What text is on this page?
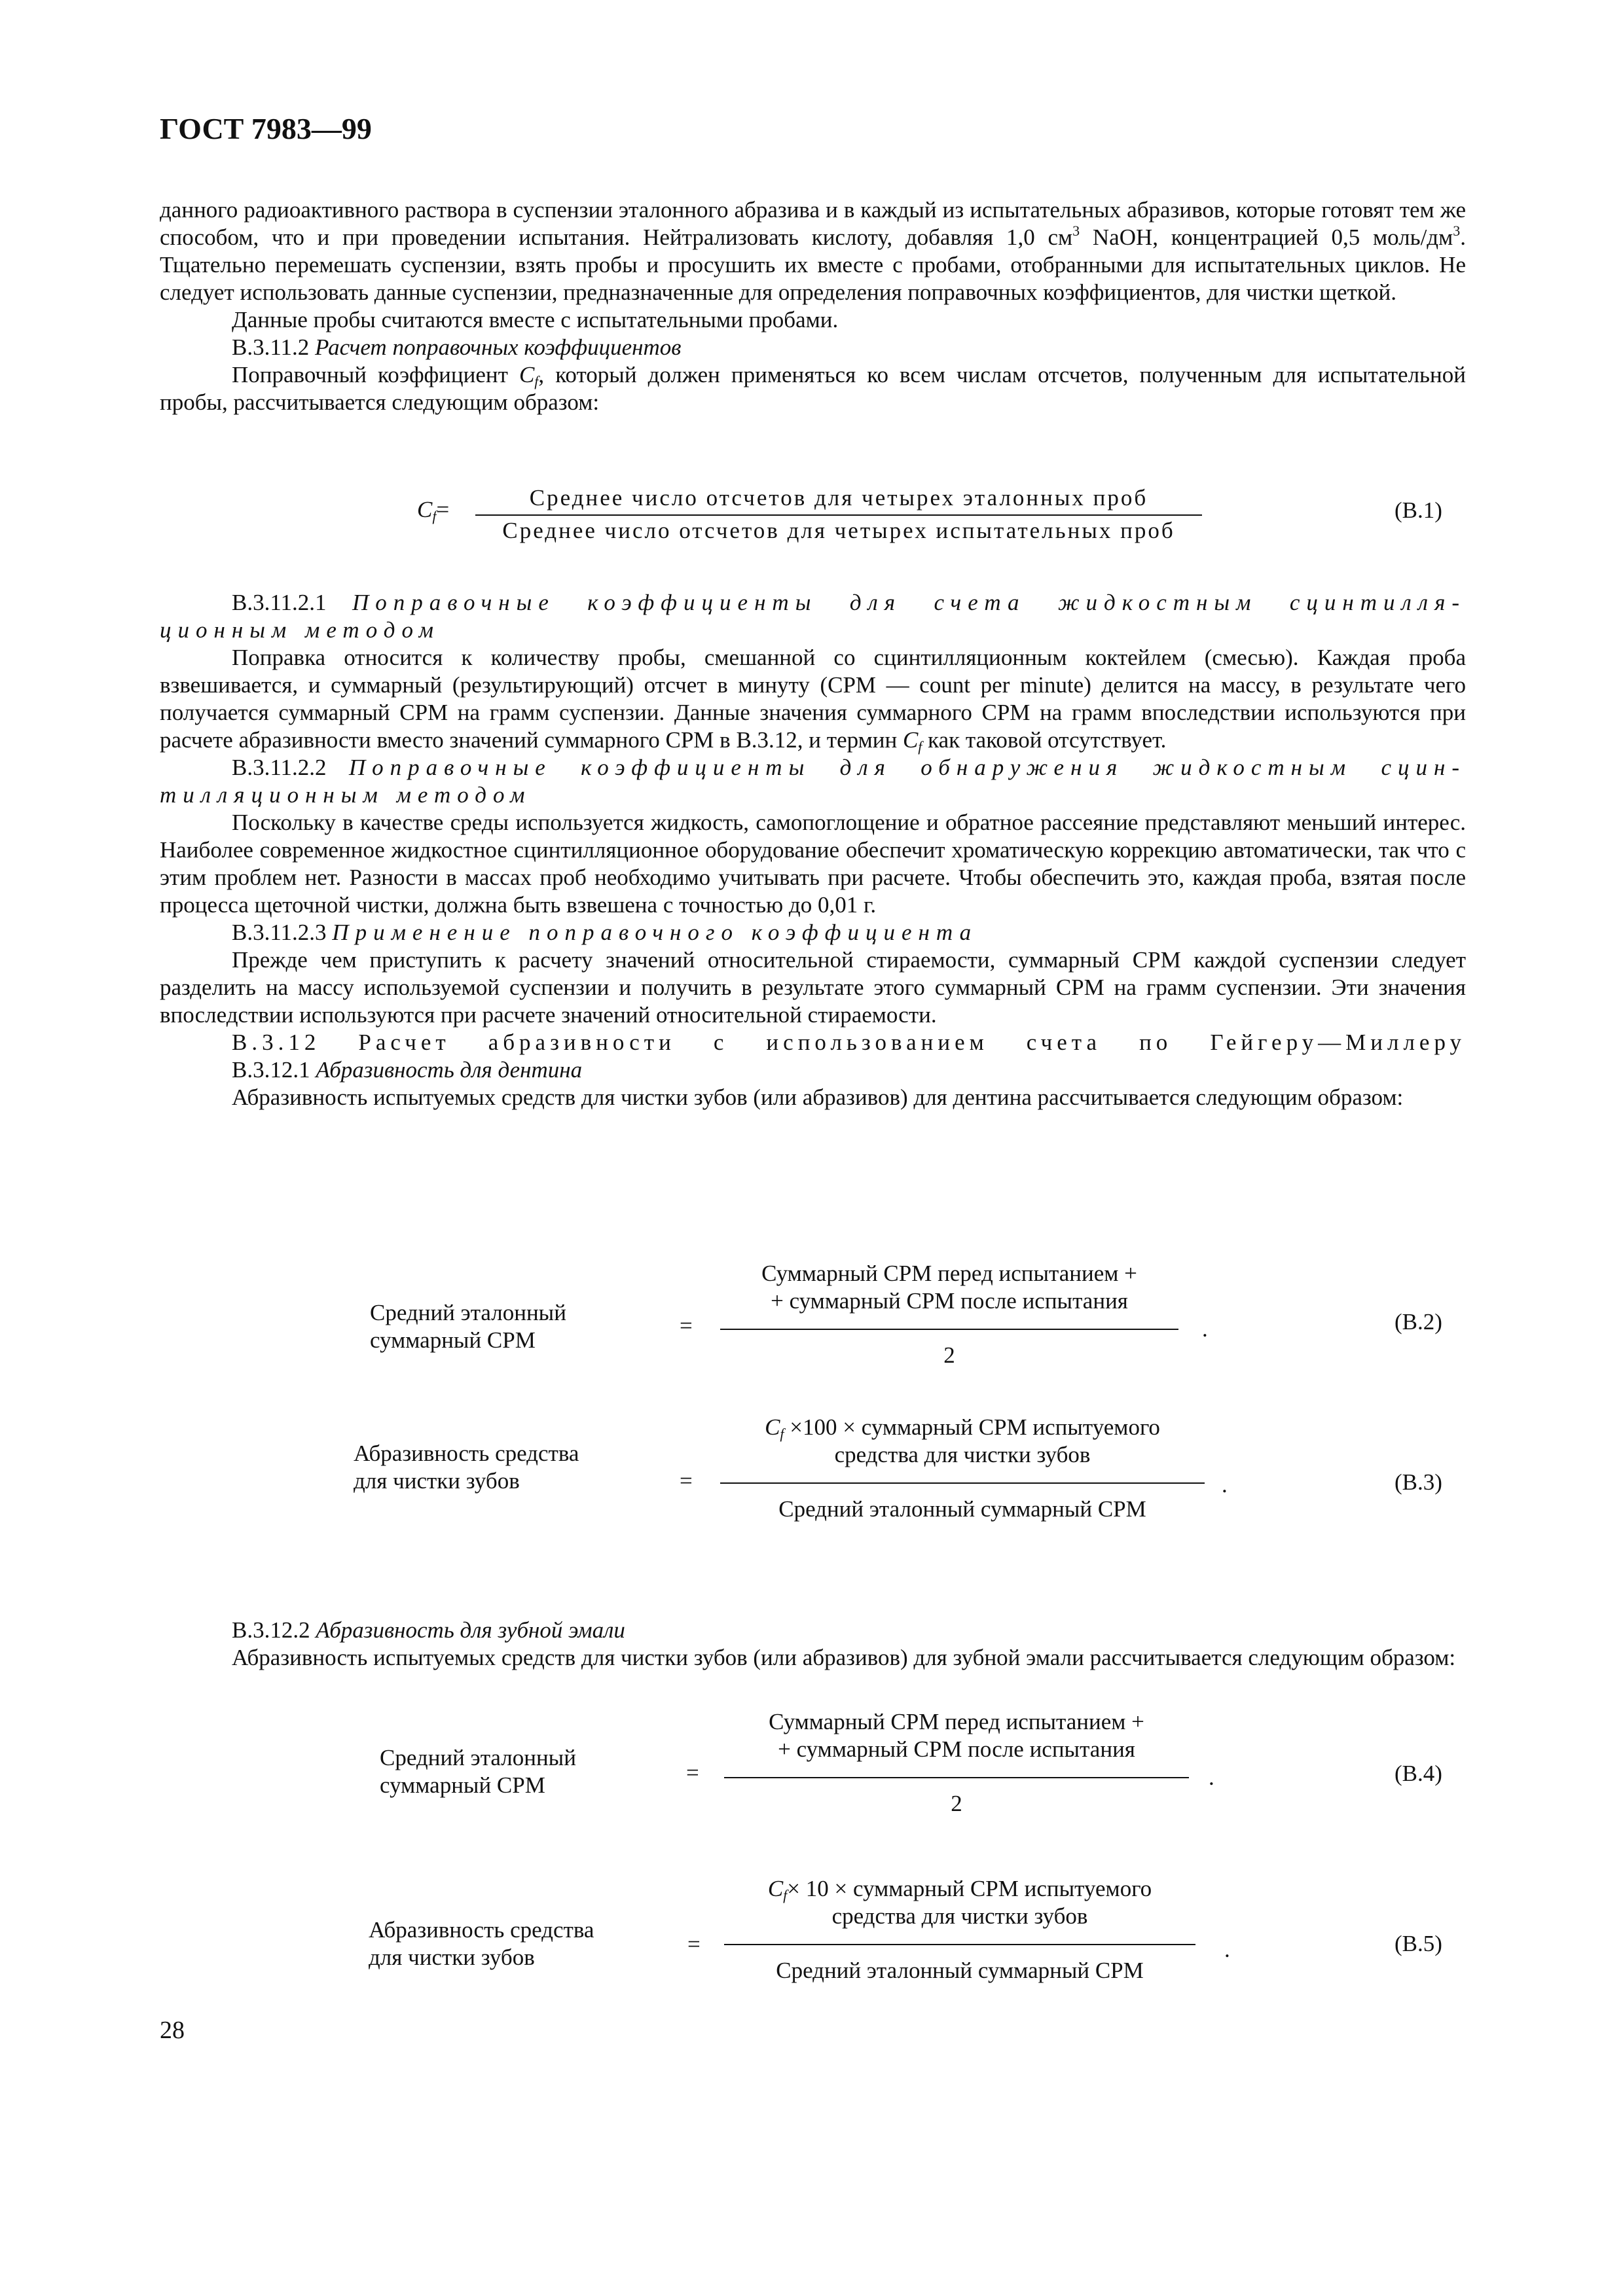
ГОСТ 7983—99

данного радиоактивного раствора в суспензии эталонного абразива и в каждый из испытательных абразивов, которые готовят тем же способом, что и при проведении испытания. Нейтрализовать кислоту, добавляя 1,0 $см^3$ NaOH, концентрацией 0,5 моль/$дм^3$. Тщательно перемешать суспензии, взять пробы и просушить их вместе с пробами, отобранными для испытательных циклов. Не следует использовать данные суспензии, предназначенные для определения поправочных коэффициентов, для чистки щеткой.

Данные пробы считаются вместе с испытательными пробами.

B.3.11.2 Расчет поправочных коэффициентов

Поправочный коэффициент $C_f$, который должен применяться ко всем числам отсчетов, полученным для испытательной пробы, рассчитывается следующим образом:

$C_f=$	Среднее число отсчетов для четырех эталонных проб
Среднее число отсчетов для четырех испытательных проб
(B.1)

B.3.11.2.1 Поправочные коэффициенты для счета жидкостным сцинтилля-

ционным методом

Поправка относится к количеству пробы, смешанной со сцинтилляционным коктейлем (смесью). Каждая проба взвешивается, и суммарный (результирующий) отсчет в минуту (CPM — count per minute) делится на массу, в результате чего получается суммарный CPM на грамм суспензии. Данные значения суммарного CPM на грамм впоследствии используются при расчете абразивности вместо значений суммарного CPM в B.3.12, и термин $C_f$ как таковой отсутствует.

B.3.11.2.2 Поправочные коэффициенты для обнаружения жидкостным сцин-

тилляционным методом

Поскольку в качестве среды используется жидкость, самопоглощение и обратное рассеяние представляют меньший интерес. Наиболее современное жидкостное сцинтилляционное оборудование обеспечит хроматическую коррекцию автоматически, так что с этим проблем нет. Разности в массах проб необходимо учитывать при расчете. Чтобы обеспечить это, каждая проба, взятая после процесса щеточной чистки, должна быть взвешена с точностью до 0,01 г.

B.3.11.2.3 Применение поправочного коэффициента

Прежде чем приступить к расчету значений относительной стираемости, суммарный CPM каждой суспензии следует разделить на массу используемой суспензии и получить в результате этого суммарный CPM на грамм суспензии. Эти значения впоследствии используются при расчете значений относительной стираемости.

B.3.12 Расчет абразивности с использованием счета по Гейгеру—Миллеру

B.3.12.1 Абразивность для дентина

Абразивность испытуемых средств для чистки зубов (или абразивов) для дентина рассчитывается следующим образом:

Средний эталонный
суммарный CPM
=
Суммарный CPM перед испытанием +
+ суммарный CPM после испытания
2
.	(B.2)
Абразивность средства
для чистки зубов	=
$C_f \times 100$ × суммарный CPM испытуемого
средства для чистки зубов
Средний эталонный суммарный CPM
.	(B.3)

B.3.12.2 Абразивность для зубной эмали

Абразивность испытуемых средств для чистки зубов (или абразивов) для зубной эмали рассчитывается следующим образом:

Средний эталонный
суммарный CPM	=
Суммарный CPM перед испытанием +
+ суммарный CPM после испытания
2
.	(B.4)
Абразивность средства
для чистки зубов
=
$C_f\times 10$ × суммарный CPM испытуемого
средства для чистки зубов
Средний эталонный суммарный CPM
.	(B.5)
28
